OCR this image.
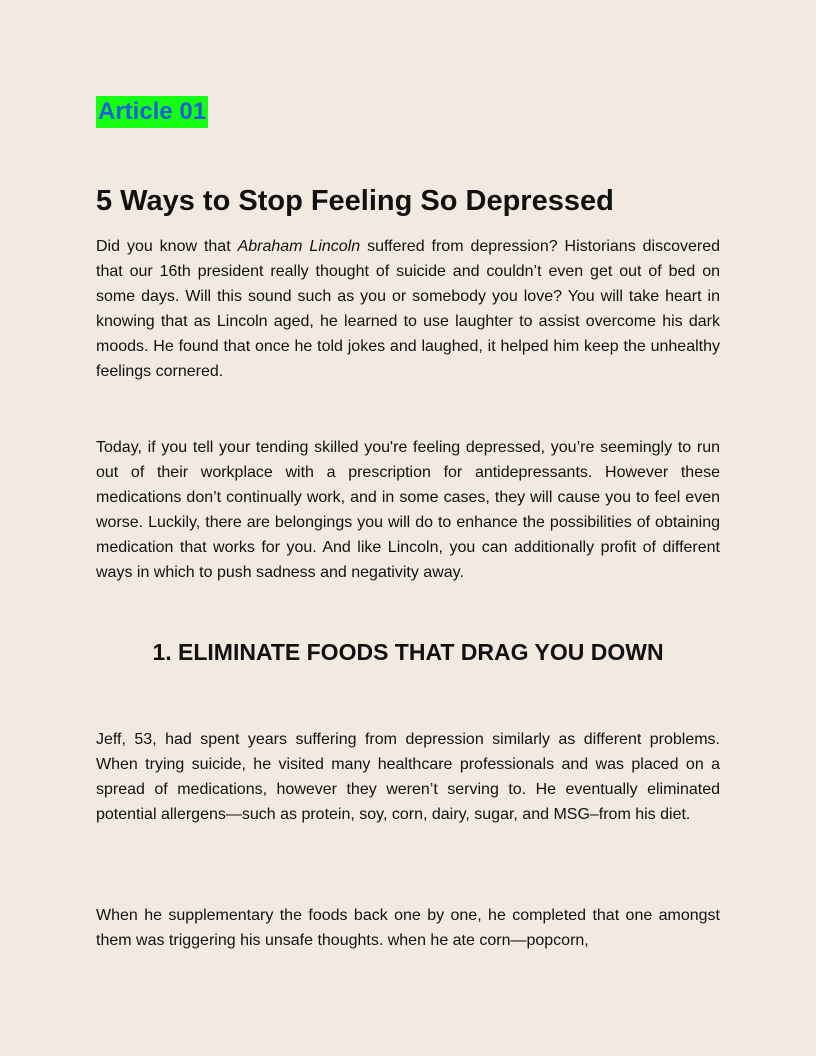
Article 01
5 Ways to Stop Feeling So Depressed

Did you know that Abraham Lincoln suffered from depression? Historians discovered that our 16th president really thought of suicide and couldn’t even get out of bed on some days. Will this sound such as you or somebody you love? You will take heart in knowing that as Lincoln aged, he learned to use laughter to assist overcome his dark moods. He found that once he told jokes and laughed, it helped him keep the unhealthy feelings cornered.

Today, if you tell your tending skilled you're feeling depressed, you’re seemingly to run out of their workplace with a prescription for antidepressants. However these medications don’t continually work, and in some cases, they will cause you to feel even worse. Luckily, there are belongings you will do to enhance the possibilities of obtaining medication that works for you. And like Lincoln, you can additionally profit of different ways in which to push sadness and negativity away.

1. ELIMINATE FOODS THAT DRAG YOU DOWN

Jeff, 53, had spent years suffering from depression similarly as different problems. When trying suicide, he visited many healthcare professionals and was placed on a spread of medications, however they weren’t serving to. He eventually eliminated potential allergens—such as protein, soy, corn, dairy, sugar, and MSG–from his diet.

When he supplementary the foods back one by one, he completed that one amongst them was triggering his unsafe thoughts. when he ate corn—popcorn,
